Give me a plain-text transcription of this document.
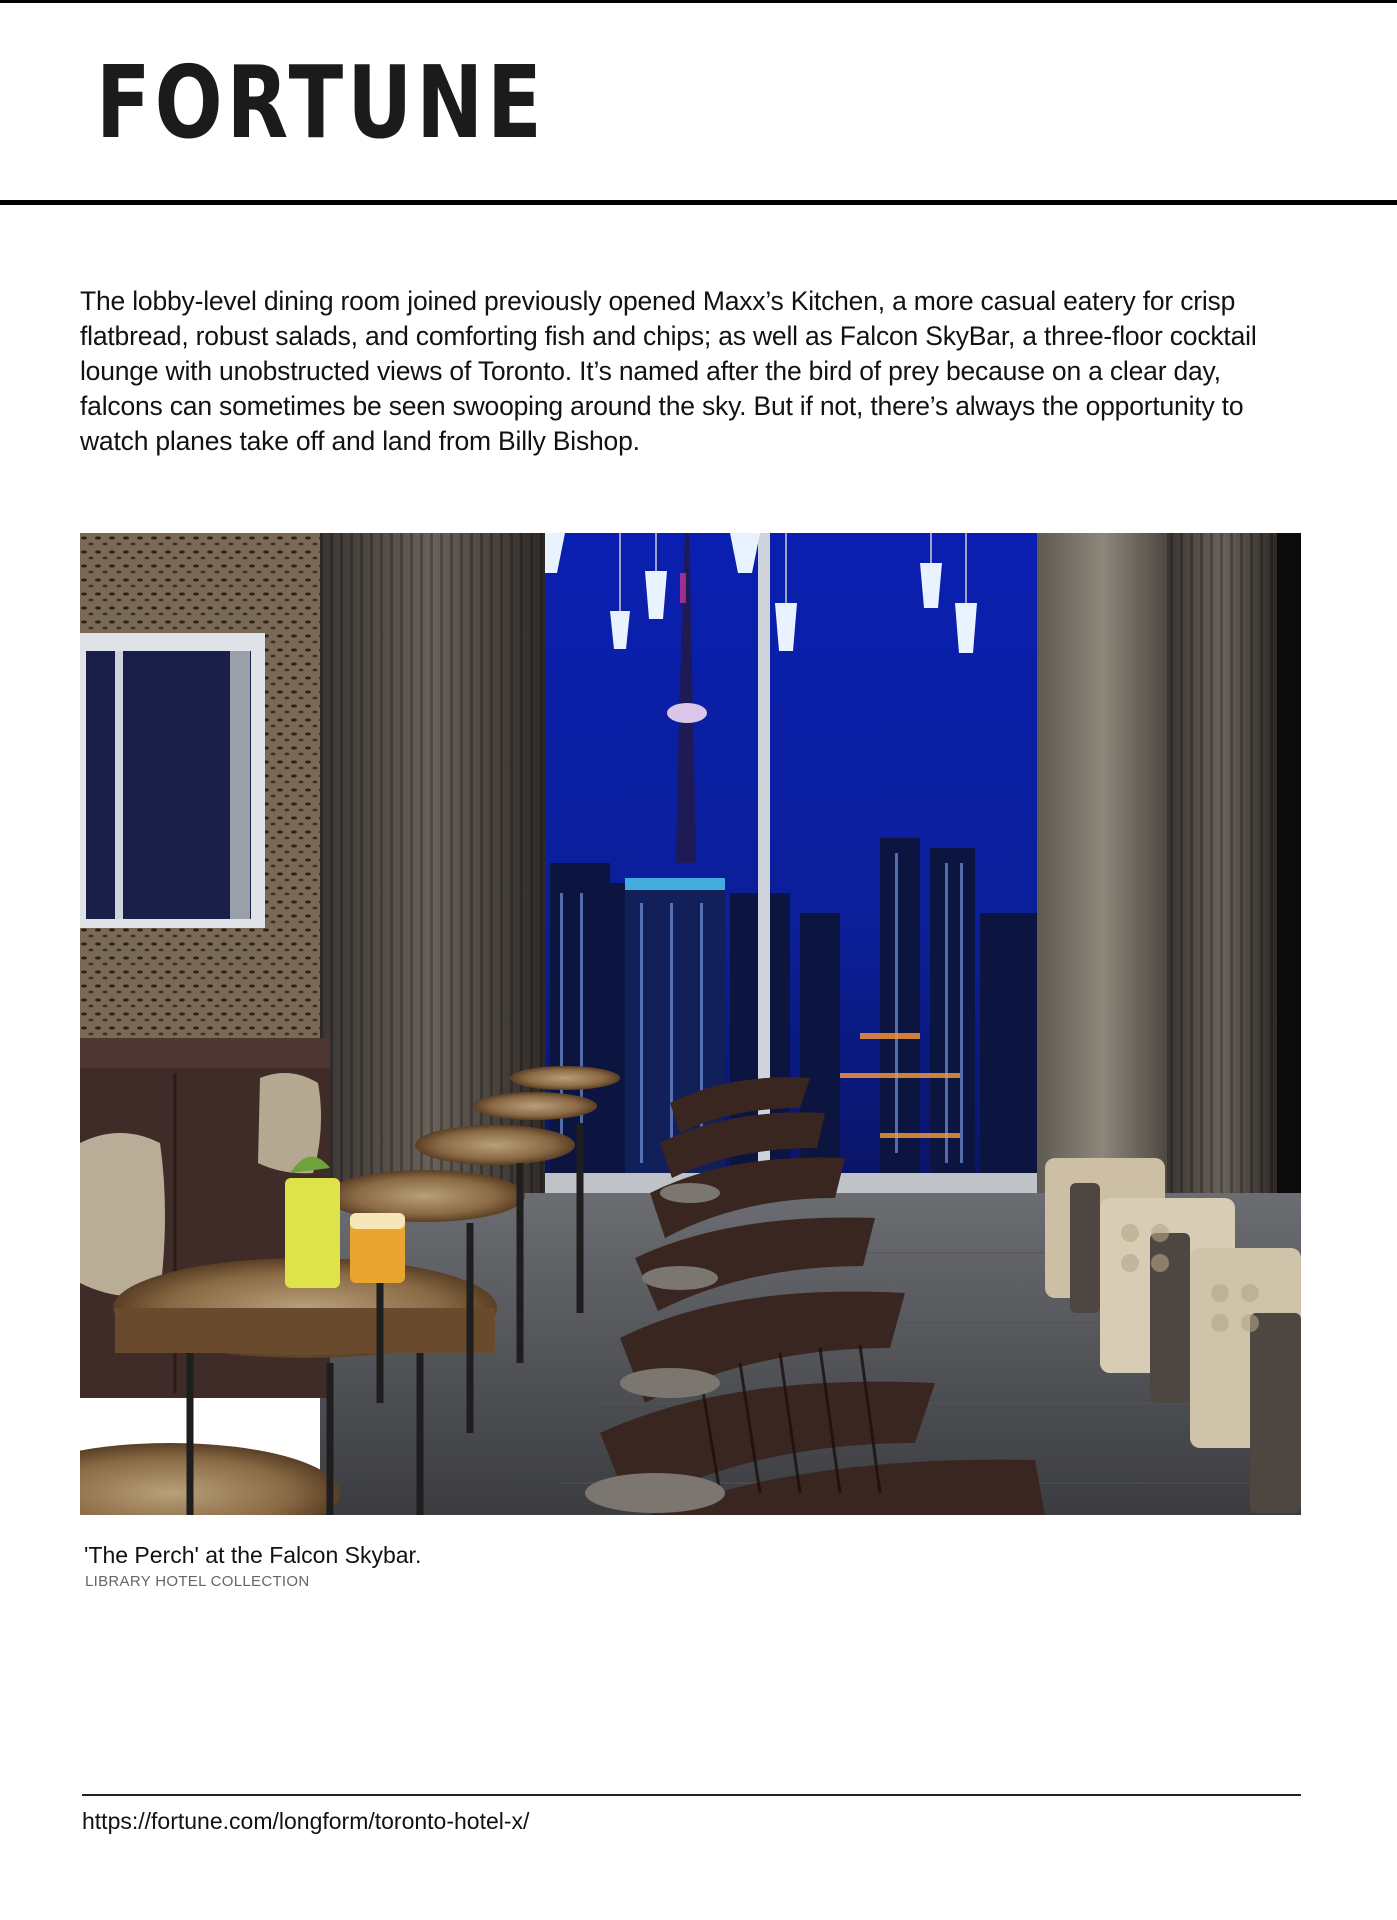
FORTUNE

The lobby-level dining room joined previously opened Maxx’s Kitchen, a more casual eatery for crisp flatbread, robust salads, and comforting fish and chips; as well as Falcon SkyBar, a three-floor cocktail lounge with unobstructed views of Toronto. It’s named after the bird of prey because on a clear day, falcons can sometimes be seen swooping around the sky. But if not, there’s always the opportunity to watch planes take off and land from Billy Bishop.

'The Perch' at the Falcon Skybar.
LIBRARY HOTEL COLLECTION
https://fortune.com/longform/toronto-hotel-x/
